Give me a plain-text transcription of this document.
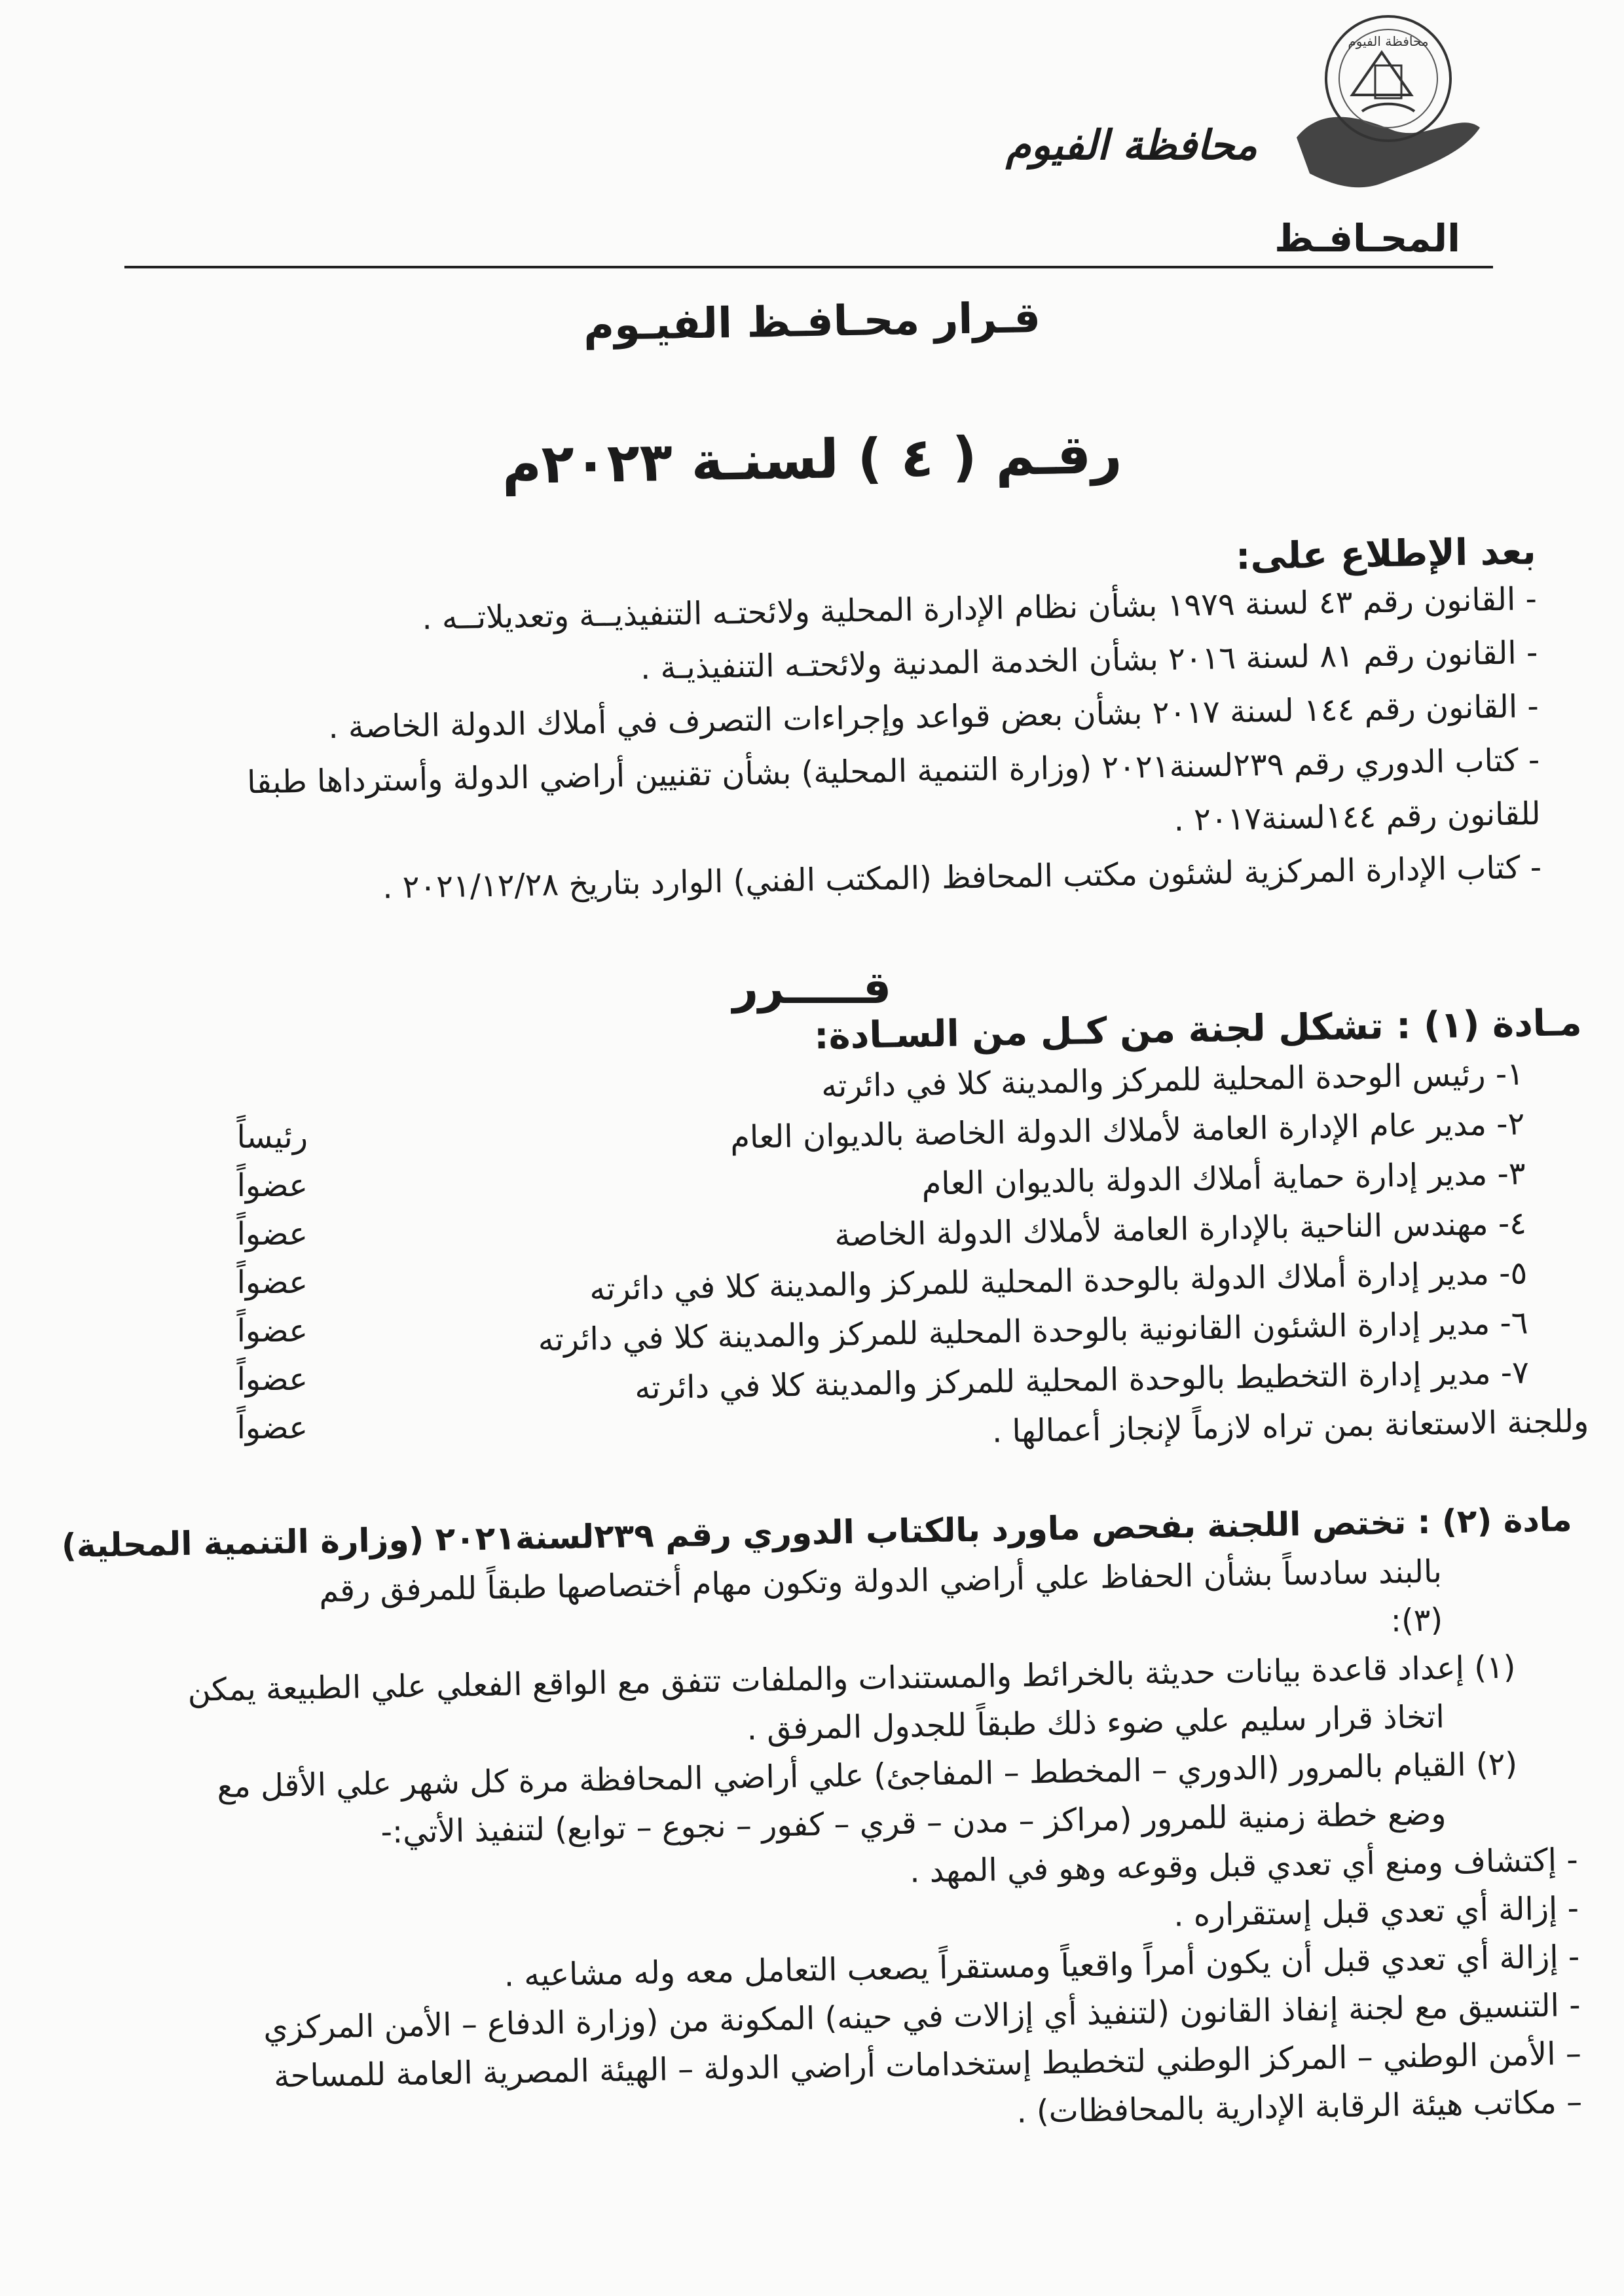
محافظة الفيوم
محافظة الفيوم
المحـافـظ
قـرار محـافـظ الفيـوم
رقـم ( ٤ ) لسنـة ٢٠٢٣م
بعد الإطلاع على:
- القانون رقم ٤٣ لسنة ١٩٧٩ بشأن نظام الإدارة المحلية ولائحتـه التنفيذيــة وتعديلاتــه .
- القانون رقم ٨١ لسنة ٢٠١٦ بشأن الخدمة المدنية ولائحتـه التنفيذيـة .
- القانون رقم ١٤٤ لسنة ٢٠١٧ بشأن بعض قواعد وإجراءات التصرف في أملاك الدولة الخاصة .
- كتاب الدوري رقم ٢٣٩لسنة٢٠٢١ (وزارة التنمية المحلية) بشأن تقنيين أراضي الدولة وأسترداها طبقا
للقانون رقم ١٤٤لسنة٢٠١٧ .
- كتاب الإدارة المركزية لشئون مكتب المحافظ (المكتب الفني) الوارد بتاريخ ٢٠٢١/١٢/٢٨ .
قـــــرر
مـادة (١) : تشكل لجنة من كـل من السـادة:
١- رئيس الوحدة المحلية للمركز والمدينة كلا في دائرته
٢- مدير عام الإدارة العامة لأملاك الدولة الخاصة بالديوان العام
٣- مدير إدارة حماية أملاك الدولة بالديوان العام
٤- مهندس الناحية بالإدارة العامة لأملاك الدولة الخاصة
٥- مدير إدارة أملاك الدولة بالوحدة المحلية للمركز والمدينة كلا في دائرته
٦- مدير إدارة الشئون القانونية بالوحدة المحلية للمركز والمدينة كلا في دائرته
٧- مدير إدارة التخطيط بالوحدة المحلية للمركز والمدينة كلا في دائرته
وللجنة الاستعانة بمن تراه لازماً لإنجاز أعمالها .
رئيساً
عضواً
عضواً
عضواً
عضواً
عضواً
عضواً
مادة (٢) : تختص اللجنة بفحص ماورد بالكتاب الدوري رقم ٢٣٩لسنة٢٠٢١ (وزارة التنمية المحلية)
بالبند سادساً بشأن الحفاظ علي أراضي الدولة وتكون مهام أختصاصها طبقاً للمرفق رقم
(٣):
(١) إعداد قاعدة بيانات حديثة بالخرائط والمستندات والملفات تتفق مع الواقع الفعلي علي الطبيعة يمكن
اتخاذ قرار سليم علي ضوء ذلك طبقاً للجدول المرفق .
(٢) القيام بالمرور (الدوري – المخطط – المفاجئ) علي أراضي المحافظة مرة كل شهر علي الأقل مع
وضع خطة زمنية للمرور (مراكز – مدن – قري – كفور – نجوع – توابع) لتنفيذ الأتي:-
- إكتشاف ومنع أي تعدي قبل وقوعه وهو في المهد .
- إزالة أي تعدي قبل إستقراره .
- إزالة أي تعدي قبل أن يكون أمراً واقعياً ومستقراً يصعب التعامل معه وله مشاعيه .
- التنسيق مع لجنة إنفاذ القانون (لتنفيذ أي إزالات في حينه) المكونة من (وزارة الدفاع – الأمن المركزي
– الأمن الوطني – المركز الوطني لتخطيط إستخدامات أراضي الدولة – الهيئة المصرية العامة للمساحة
– مكاتب هيئة الرقابة الإدارية بالمحافظات) .
